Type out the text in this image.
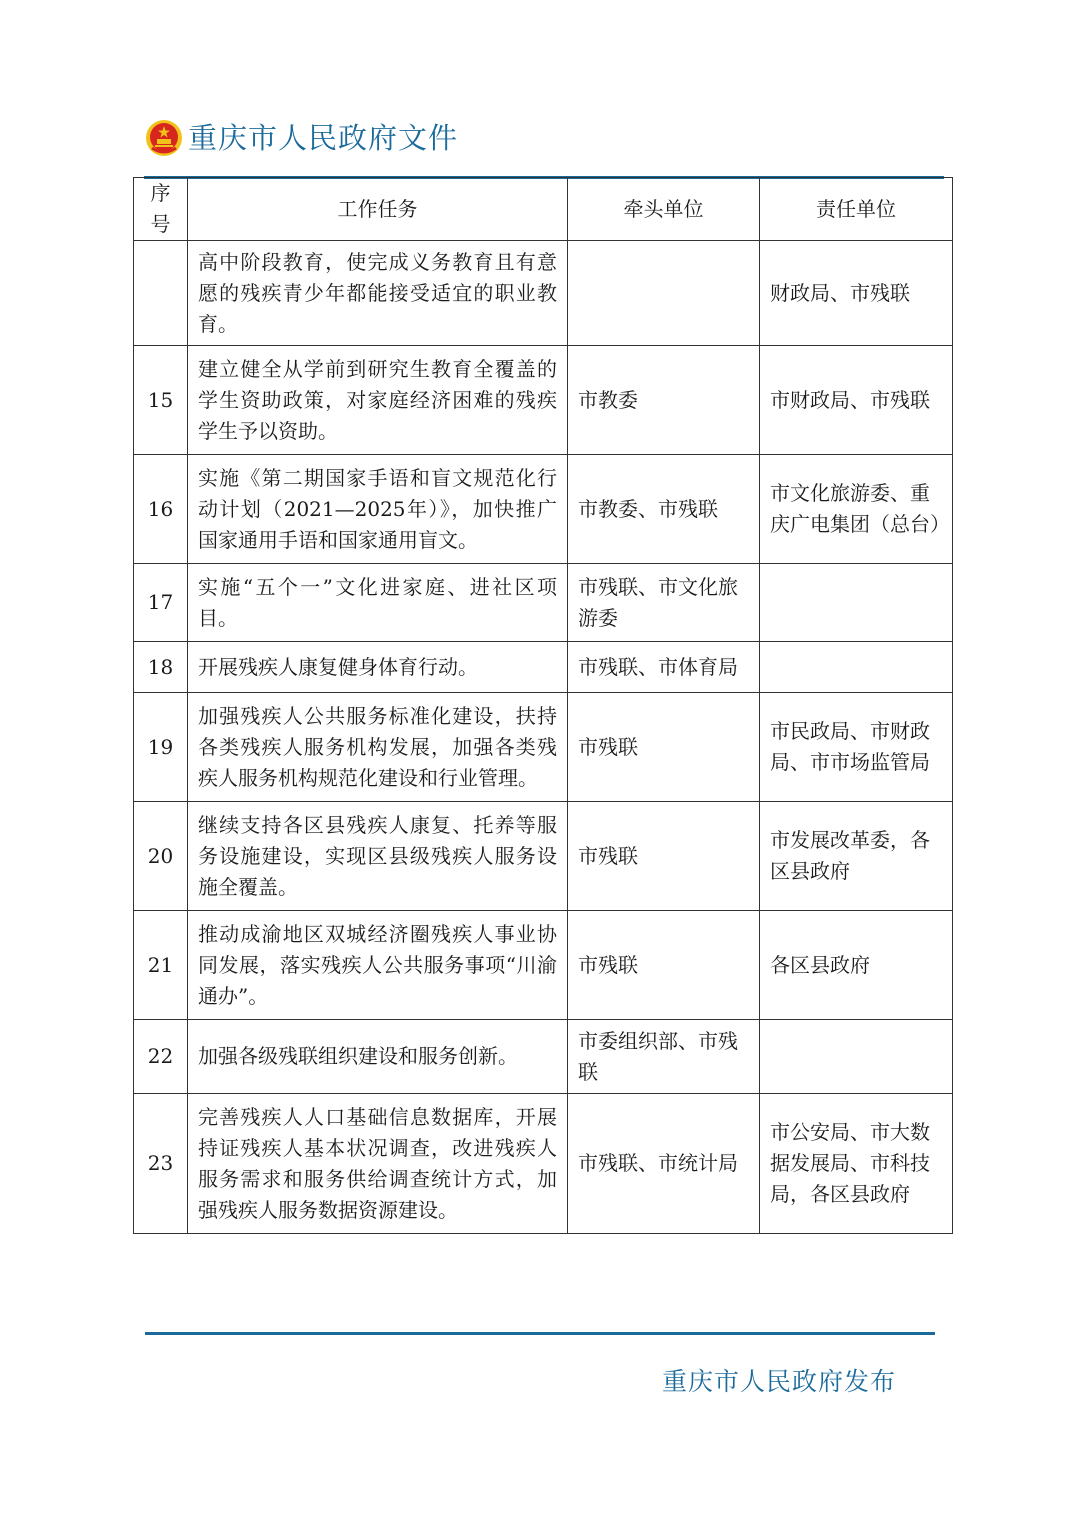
重庆市人民政府文件
序号	工作任务	牵头单位	责任单位
	高中阶段教育，使完成义务教育且有意愿的残疾青少年都能接受适宜的职业教育。		财政局、市残联
15	建立健全从学前到研究生教育全覆盖的学生资助政策，对家庭经济困难的残疾学生予以资助。	市教委	市财政局、市残联
16	实施《第二期国家手语和盲文规范化行动计划（2021—2025年）》，加快推广国家通用手语和国家通用盲文。	市教委、市残联	市文化旅游委、重庆广电集团（总台）
17	实施“五个一”文化进家庭、进社区项目。	市残联、市文化旅游委	
18	开展残疾人康复健身体育行动。	市残联、市体育局	
19	加强残疾人公共服务标准化建设，扶持各类残疾人服务机构发展，加强各类残疾人服务机构规范化建设和行业管理。	市残联	市民政局、市财政局、市市场监管局
20	继续支持各区县残疾人康复、托养等服务设施建设，实现区县级残疾人服务设施全覆盖。	市残联	市发展改革委，各区县政府
21	推动成渝地区双城经济圈残疾人事业协同发展，落实残疾人公共服务事项“川渝通办”。	市残联	各区县政府
22	加强各级残联组织建设和服务创新。	市委组织部、市残联	
23	完善残疾人人口基础信息数据库，开展持证残疾人基本状况调查，改进残疾人服务需求和服务供给调查统计方式，加强残疾人服务数据资源建设。	市残联、市统计局	市公安局、市大数据发展局、市科技局，各区县政府
重庆市人民政府发布
